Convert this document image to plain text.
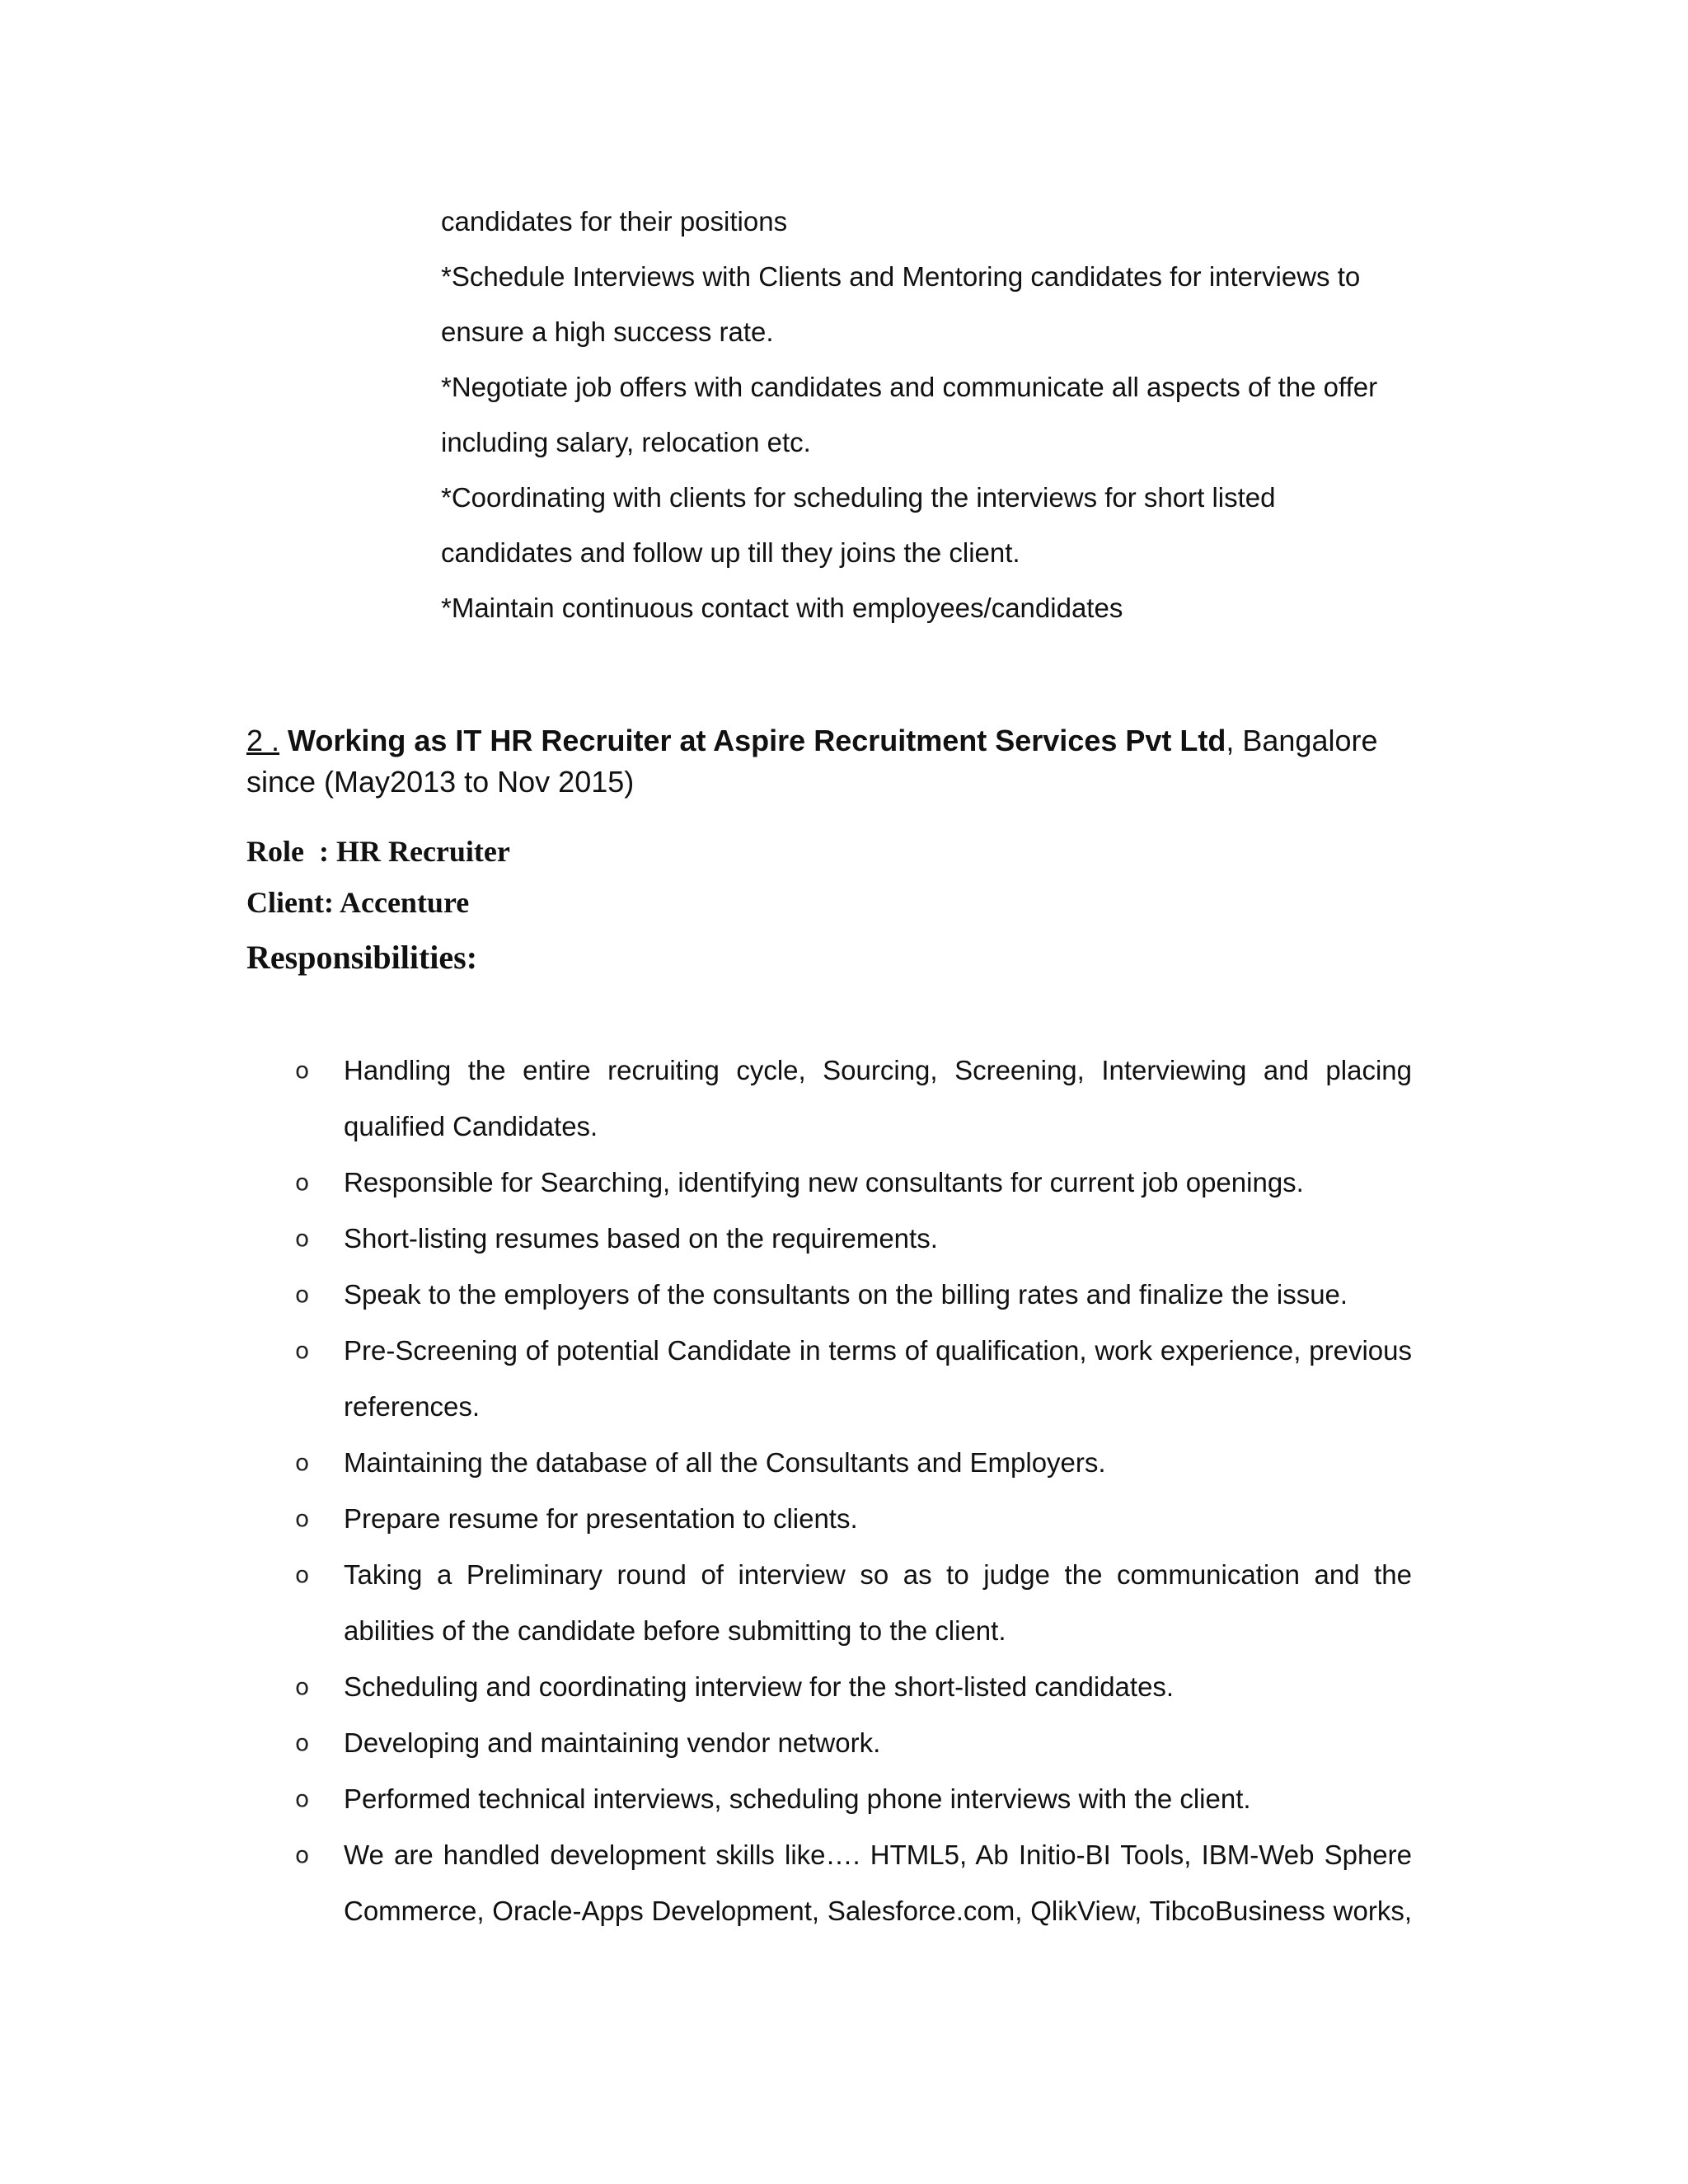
candidates for their positions
*Schedule Interviews with Clients and Mentoring candidates for interviews to
ensure a high success rate.
*Negotiate job offers with candidates and communicate all aspects of the offer
including salary, relocation etc.
*Coordinating with clients for scheduling the interviews for short listed
candidates and follow up till they joins the client.
*Maintain continuous contact with employees/candidates

2 . Working as IT HR Recruiter at Aspire Recruitment Services Pvt Ltd, Bangalore since (May2013 to Nov 2015)

Role  : HR Recruiter

Client: Accenture

Responsibilities:

o	Handling the entire recruiting cycle, Sourcing, Screening, Interviewing and placing qualified Candidates.
o	Responsible for Searching, identifying new consultants for current job openings.
o	Short-listing resumes based on the requirements.
o	Speak to the employers of the consultants on the billing rates and finalize the issue.
o	Pre-Screening of potential Candidate in terms of qualification, work experience, previous references.
o	Maintaining the database of all the Consultants and Employers.
o	Prepare resume for presentation to clients.
o	Taking a Preliminary round of interview so as to judge the communication and the abilities of the candidate before submitting to the client.
o	Scheduling and coordinating interview for the short-listed candidates.
o	Developing and maintaining vendor network.
o	Performed technical interviews, scheduling phone interviews with the client.
o	We are handled development skills like…. HTML5, Ab Initio-BI Tools, IBM-Web Sphere Commerce, Oracle-Apps Development, Salesforce.com, QlikView, TibcoBusiness works,
